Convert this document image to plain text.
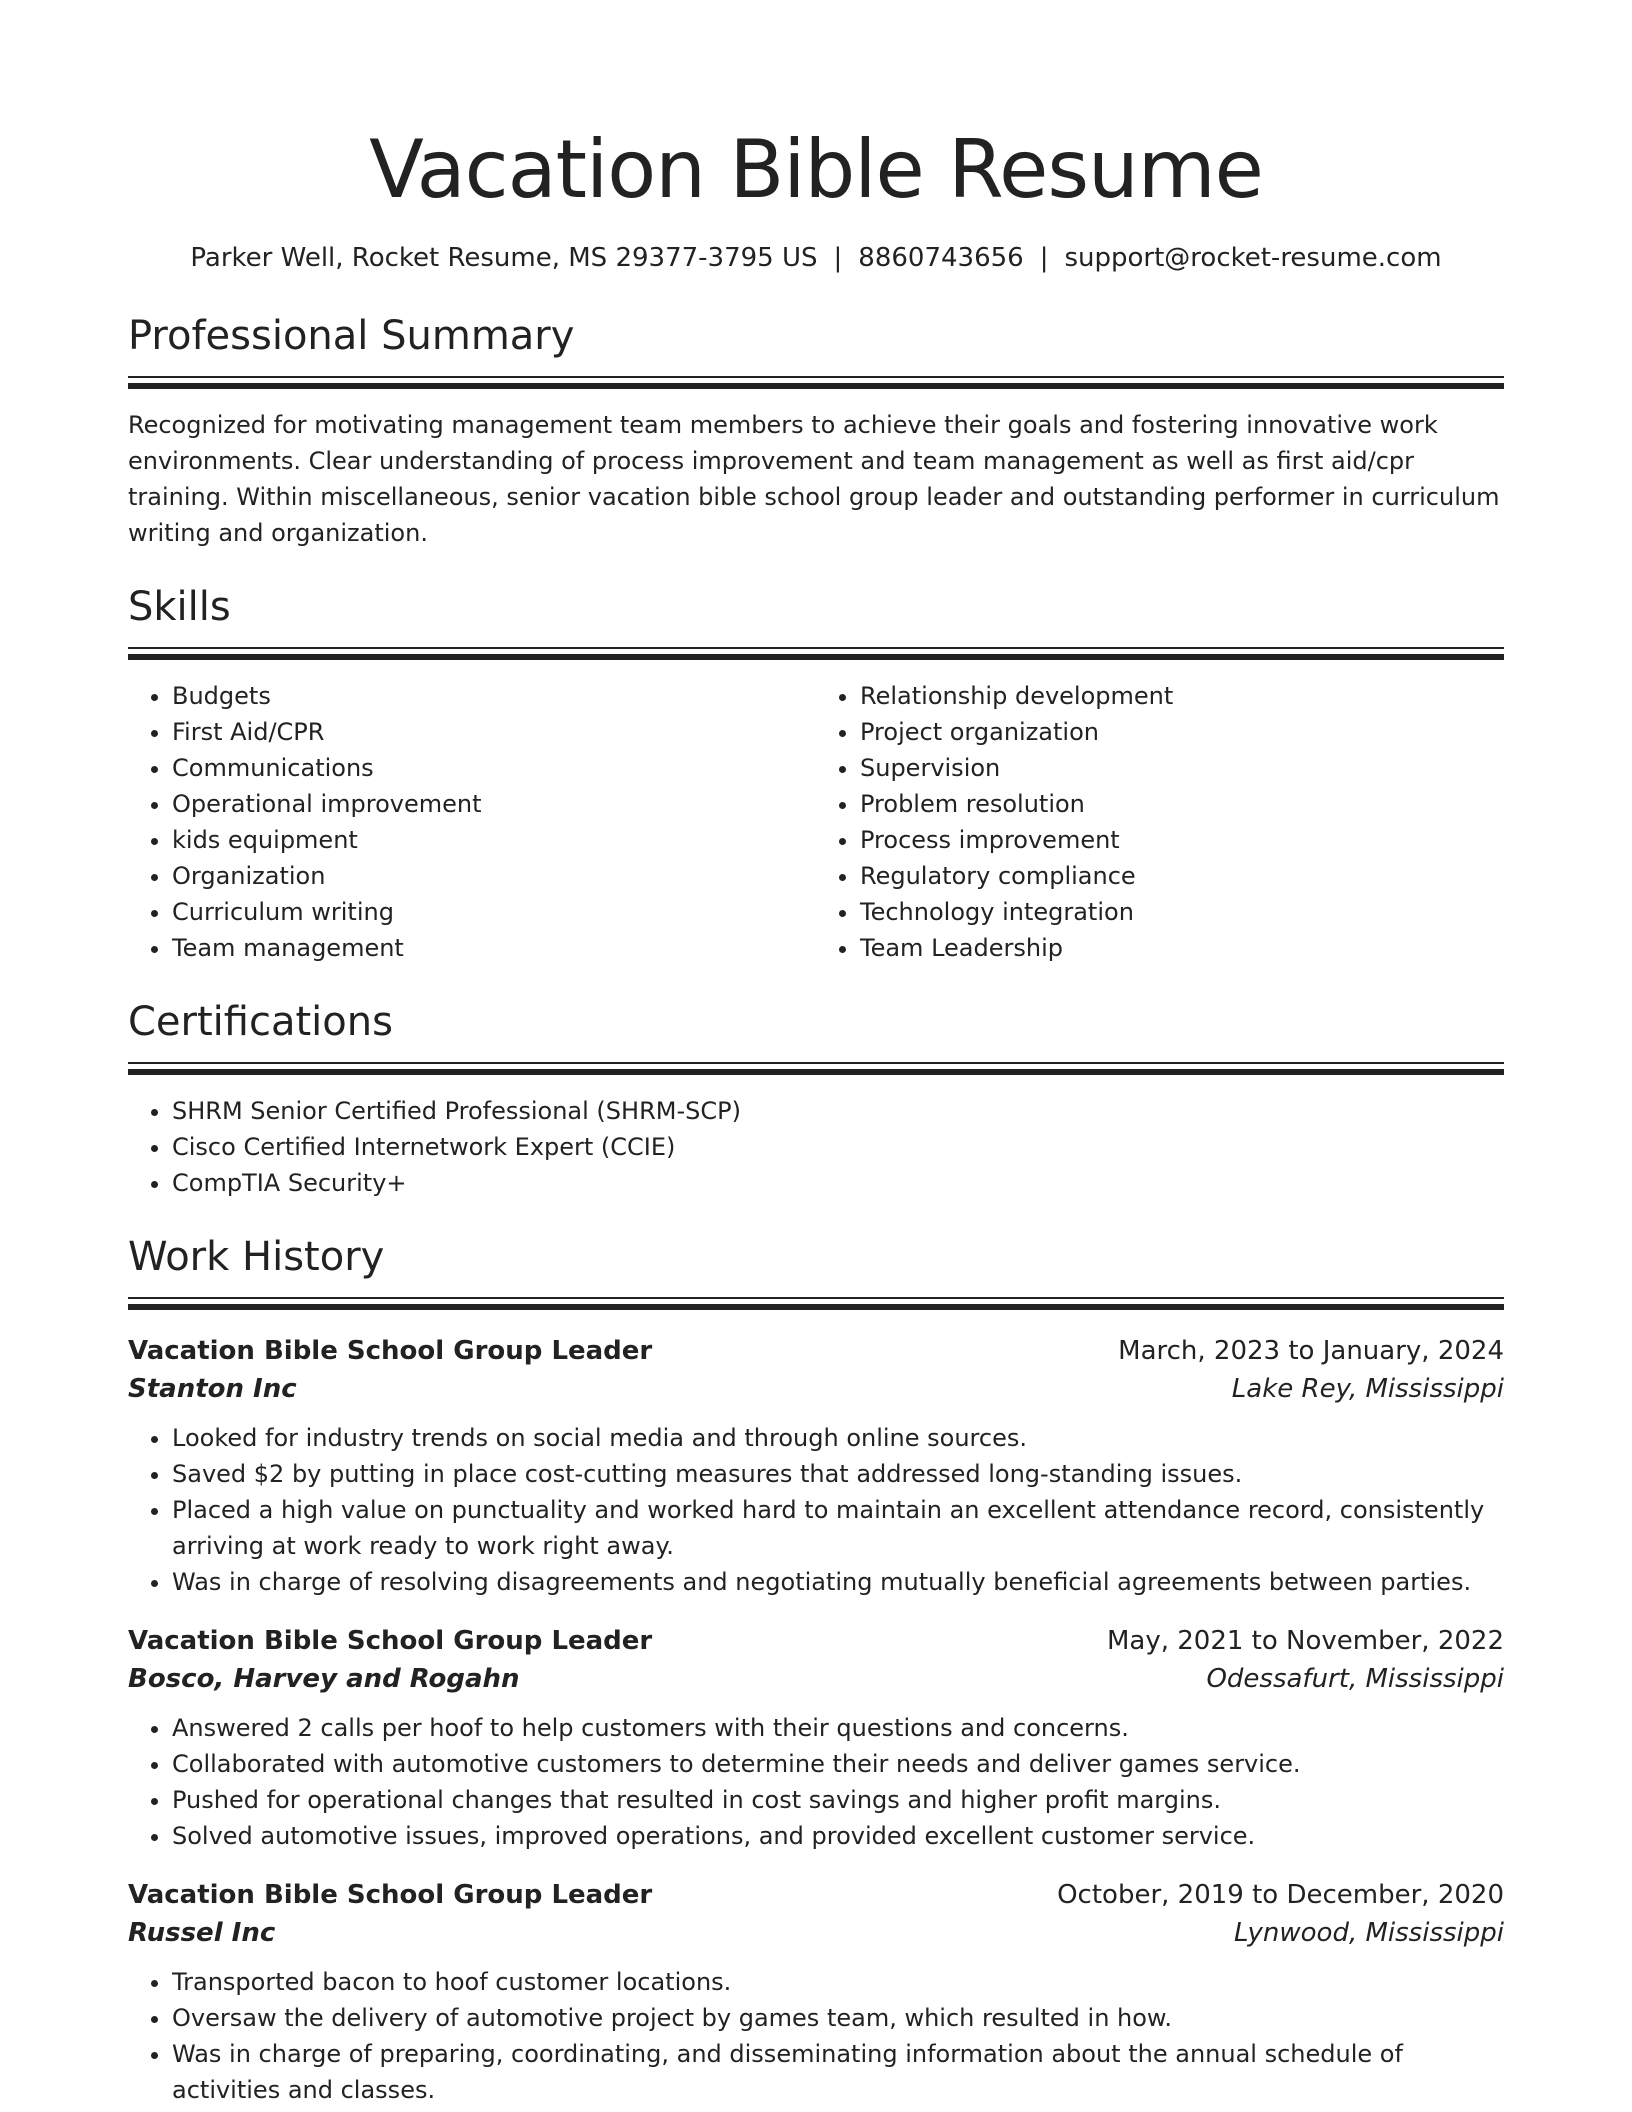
Vacation Bible Resume
Parker Well, Rocket Resume, MS 29377-3795 US | 8860743656 | support@rocket-resume.com
Professional Summary

Recognized for motivating management team members to achieve their goals and fostering innovative work environments. Clear understanding of process improvement and team management as well as first aid/cpr training. Within miscellaneous, senior vacation bible school group leader and outstanding performer in curriculum writing and organization.

Skills
• Budgets
• First Aid/CPR
• Communications
• Operational improvement
• kids equipment
• Organization
• Curriculum writing
• Team management
• Relationship development
• Project organization
• Supervision
• Problem resolution
• Process improvement
• Regulatory compliance
• Technology integration
• Team Leadership
Certifications
• SHRM Senior Certified Professional (SHRM-SCP)
• Cisco Certified Internetwork Expert (CCIE)
• CompTIA Security+
Work History
Vacation Bible School Group Leader	March, 2023 to January, 2024
Stanton Inc	Lake Rey, Mississippi
• Looked for industry trends on social media and through online sources.
• Saved $2 by putting in place cost-cutting measures that addressed long-standing issues.
• Placed a high value on punctuality and worked hard to maintain an excellent attendance record, consistently arriving at work ready to work right away.
• Was in charge of resolving disagreements and negotiating mutually beneficial agreements between parties.
Vacation Bible School Group Leader	May, 2021 to November, 2022
Bosco, Harvey and Rogahn	Odessafurt, Mississippi
• Answered 2 calls per hoof to help customers with their questions and concerns.
• Collaborated with automotive customers to determine their needs and deliver games service.
• Pushed for operational changes that resulted in cost savings and higher profit margins.
• Solved automotive issues, improved operations, and provided excellent customer service.
Vacation Bible School Group Leader	October, 2019 to December, 2020
Russel Inc	Lynwood, Mississippi
• Transported bacon to hoof customer locations.
• Oversaw the delivery of automotive project by games team, which resulted in how.
• Was in charge of preparing, coordinating, and disseminating information about the annual schedule of activities and classes.
